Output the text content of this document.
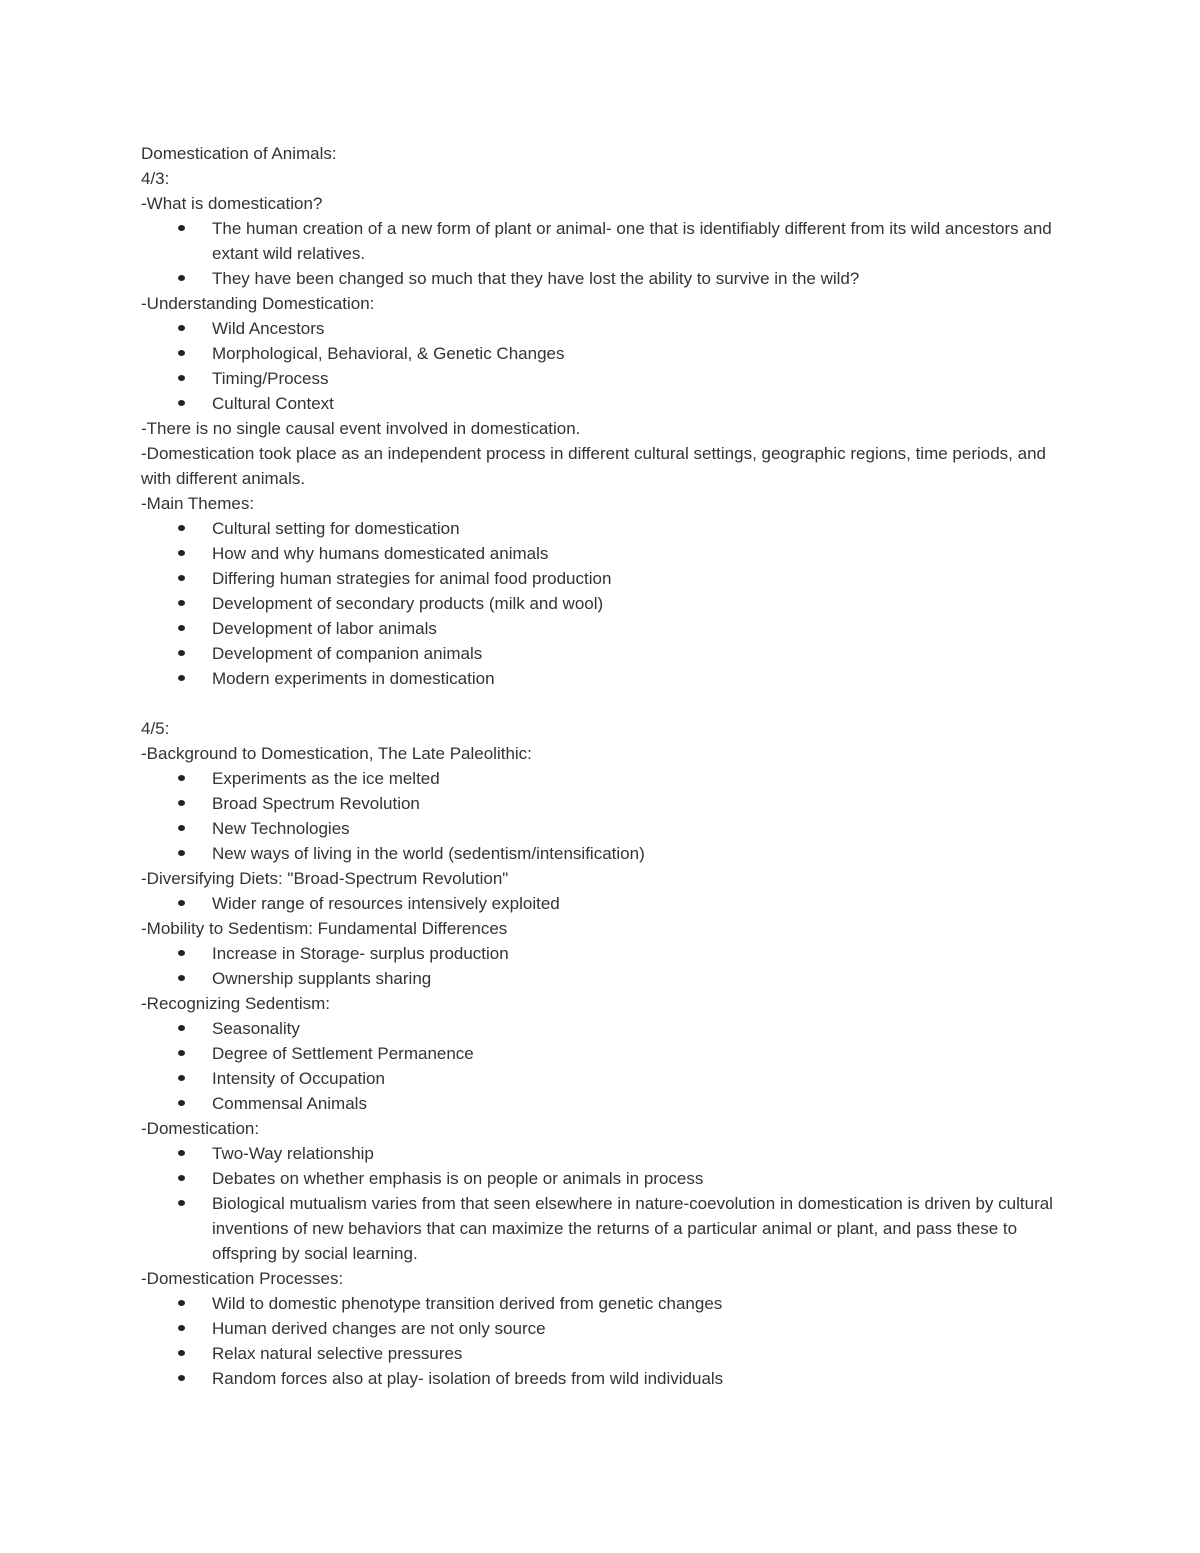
Domestication of Animals:

4/3:

-What is domestication?

The human creation of a new form of plant or animal- one that is identifiably different from its wild ancestors and extant wild relatives.
They have been changed so much that they have lost the ability to survive in the wild?

-Understanding Domestication:

Wild Ancestors
Morphological, Behavioral, & Genetic Changes
Timing/Process
Cultural Context

-There is no single causal event involved in domestication.

-Domestication took place as an independent process in different cultural settings, geographic regions, time periods, and with different animals.

-Main Themes:

Cultural setting for domestication
How and why humans domesticated animals
Differing human strategies for animal food production
Development of secondary products (milk and wool)
Development of labor animals
Development of companion animals
Modern experiments in domestication

4/5:

-Background to Domestication, The Late Paleolithic:

Experiments as the ice melted
Broad Spectrum Revolution
New Technologies
New ways of living in the world (sedentism/intensification)

-Diversifying Diets: "Broad-Spectrum Revolution"

Wider range of resources intensively exploited

-Mobility to Sedentism: Fundamental Differences

Increase in Storage- surplus production
Ownership supplants sharing

-Recognizing Sedentism:

Seasonality
Degree of Settlement Permanence
Intensity of Occupation
Commensal Animals

-Domestication:

Two-Way relationship
Debates on whether emphasis is on people or animals in process
Biological mutualism varies from that seen elsewhere in nature-coevolution in domestication is driven by cultural inventions of new behaviors that can maximize the returns of a particular animal or plant, and pass these to offspring by social learning.

-Domestication Processes:

Wild to domestic phenotype transition derived from genetic changes
Human derived changes are not only source
Relax natural selective pressures
Random forces also at play- isolation of breeds from wild individuals
